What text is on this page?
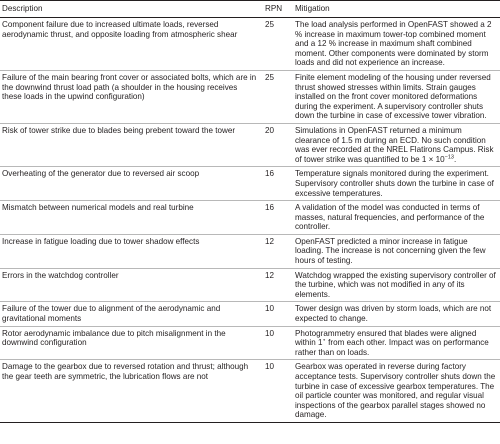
Description	RPN	Mitigation
Component failure due to increased ultimate loads, reversed aerodynamic thrust, and opposite loading from atmospheric shear	25	The load analysis performed in OpenFAST showed a 2 % increase in maximum tower-top combined moment and a 12 % increase in maximum shaft combined moment. Other components were dominated by storm loads and did not experience an increase.
Failure of the main bearing front cover or associated bolts, which are in the downwind thrust load path (a shoulder in the housing receives these loads in the upwind configuration)	25	Finite element modeling of the housing under reversed thrust showed stresses within limits. Strain gauges installed on the front cover monitored deformations during the experiment. A supervisory controller shuts down the turbine in case of excessive tower vibration.
Risk of tower strike due to blades being prebent toward the tower	20	Simulations in OpenFAST returned a minimum clearance of 1.5 m during an ECD. No such condition was ever recorded at the NREL Flatirons Campus. Risk of tower strike was quantified to be $1 \times 10^{-13}$.
Overheating of the generator due to reversed air scoop	16	Temperature signals monitored during the experiment. Supervisory controller shuts down the turbine in case of excessive temperatures.
Mismatch between numerical models and real turbine	16	A validation of the model was conducted in terms of masses, natural frequencies, and performance of the controller.
Increase in fatigue loading due to tower shadow effects	12	OpenFAST predicted a minor increase in fatigue loading. The increase is not concerning given the few hours of testing.
Errors in the watchdog controller	12	Watchdog wrapped the existing supervisory controller of the turbine, which was not modified in any of its elements.
Failure of the tower due to alignment of the aerodynamic and gravitational moments	10	Tower design was driven by storm loads, which are not expected to change.
Rotor aerodynamic imbalance due to pitch misalignment in the downwind configuration	10	Photogrammetry ensured that blades were aligned within 1∘ from each other. Impact was on performance rather than on loads.
Damage to the gearbox due to reversed rotation and thrust; although the gear teeth are symmetric, the lubrication flows are not	10	Gearbox was operated in reverse during factory acceptance tests. Supervisory controller shuts down the turbine in case of excessive gearbox temperatures. The oil particle counter was monitored, and regular visual inspections of the gearbox parallel stages showed no damage.
